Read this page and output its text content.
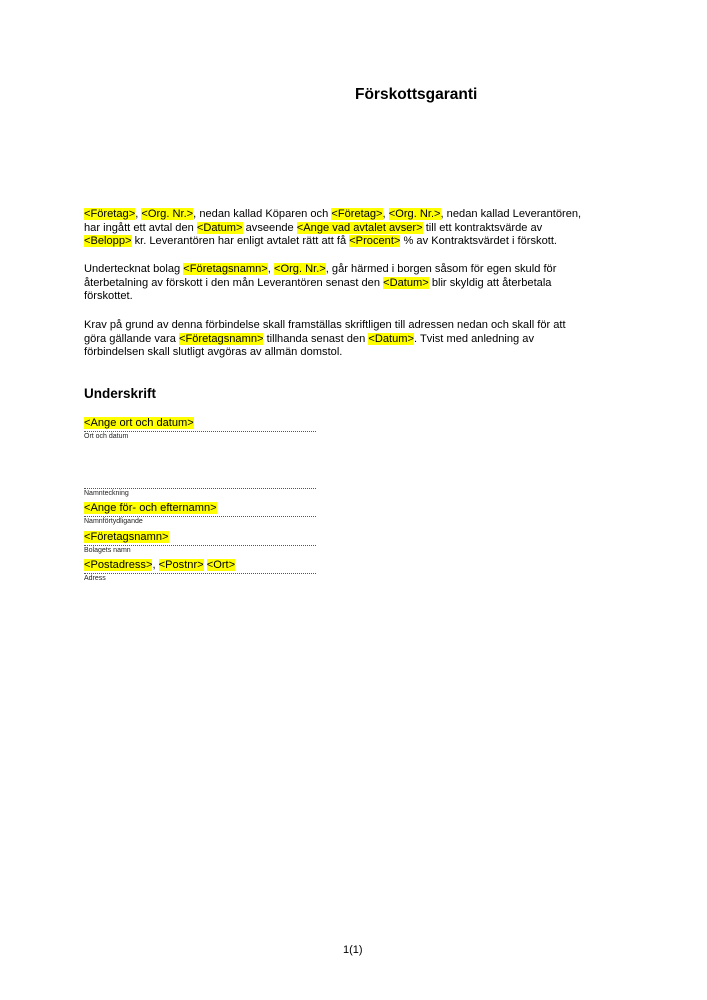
Förskottsgaranti
<Företag>, <Org. Nr.>, nedan kallad Köparen och <Företag>, <Org. Nr.>, nedan kallad Leverantören,
har ingått ett avtal den <Datum> avseende <Ange vad avtalet avser> till ett kontraktsvärde av
<Belopp> kr. Leverantören har enligt avtalet rätt att få <Procent> % av Kontraktsvärdet i förskott.
Undertecknat bolag <Företagsnamn>, <Org. Nr.>, går härmed i borgen såsom för egen skuld för
återbetalning av förskott i den mån Leverantören senast den <Datum> blir skyldig att återbetala
förskottet.
Krav på grund av denna förbindelse skall framställas skriftligen till adressen nedan och skall för att
göra gällande vara <Företagsnamn> tillhanda senast den <Datum>. Tvist med anledning av
förbindelsen skall slutligt avgöras av allmän domstol.
Underskrift
<Ange ort och datum>
Ort och datum
Namnteckning
<Ange för- och efternamn>
Namnförtydligande
<Företagsnamn>
Bolagets namn
<Postadress>, <Postnr> <Ort>
Adress
1(1)
